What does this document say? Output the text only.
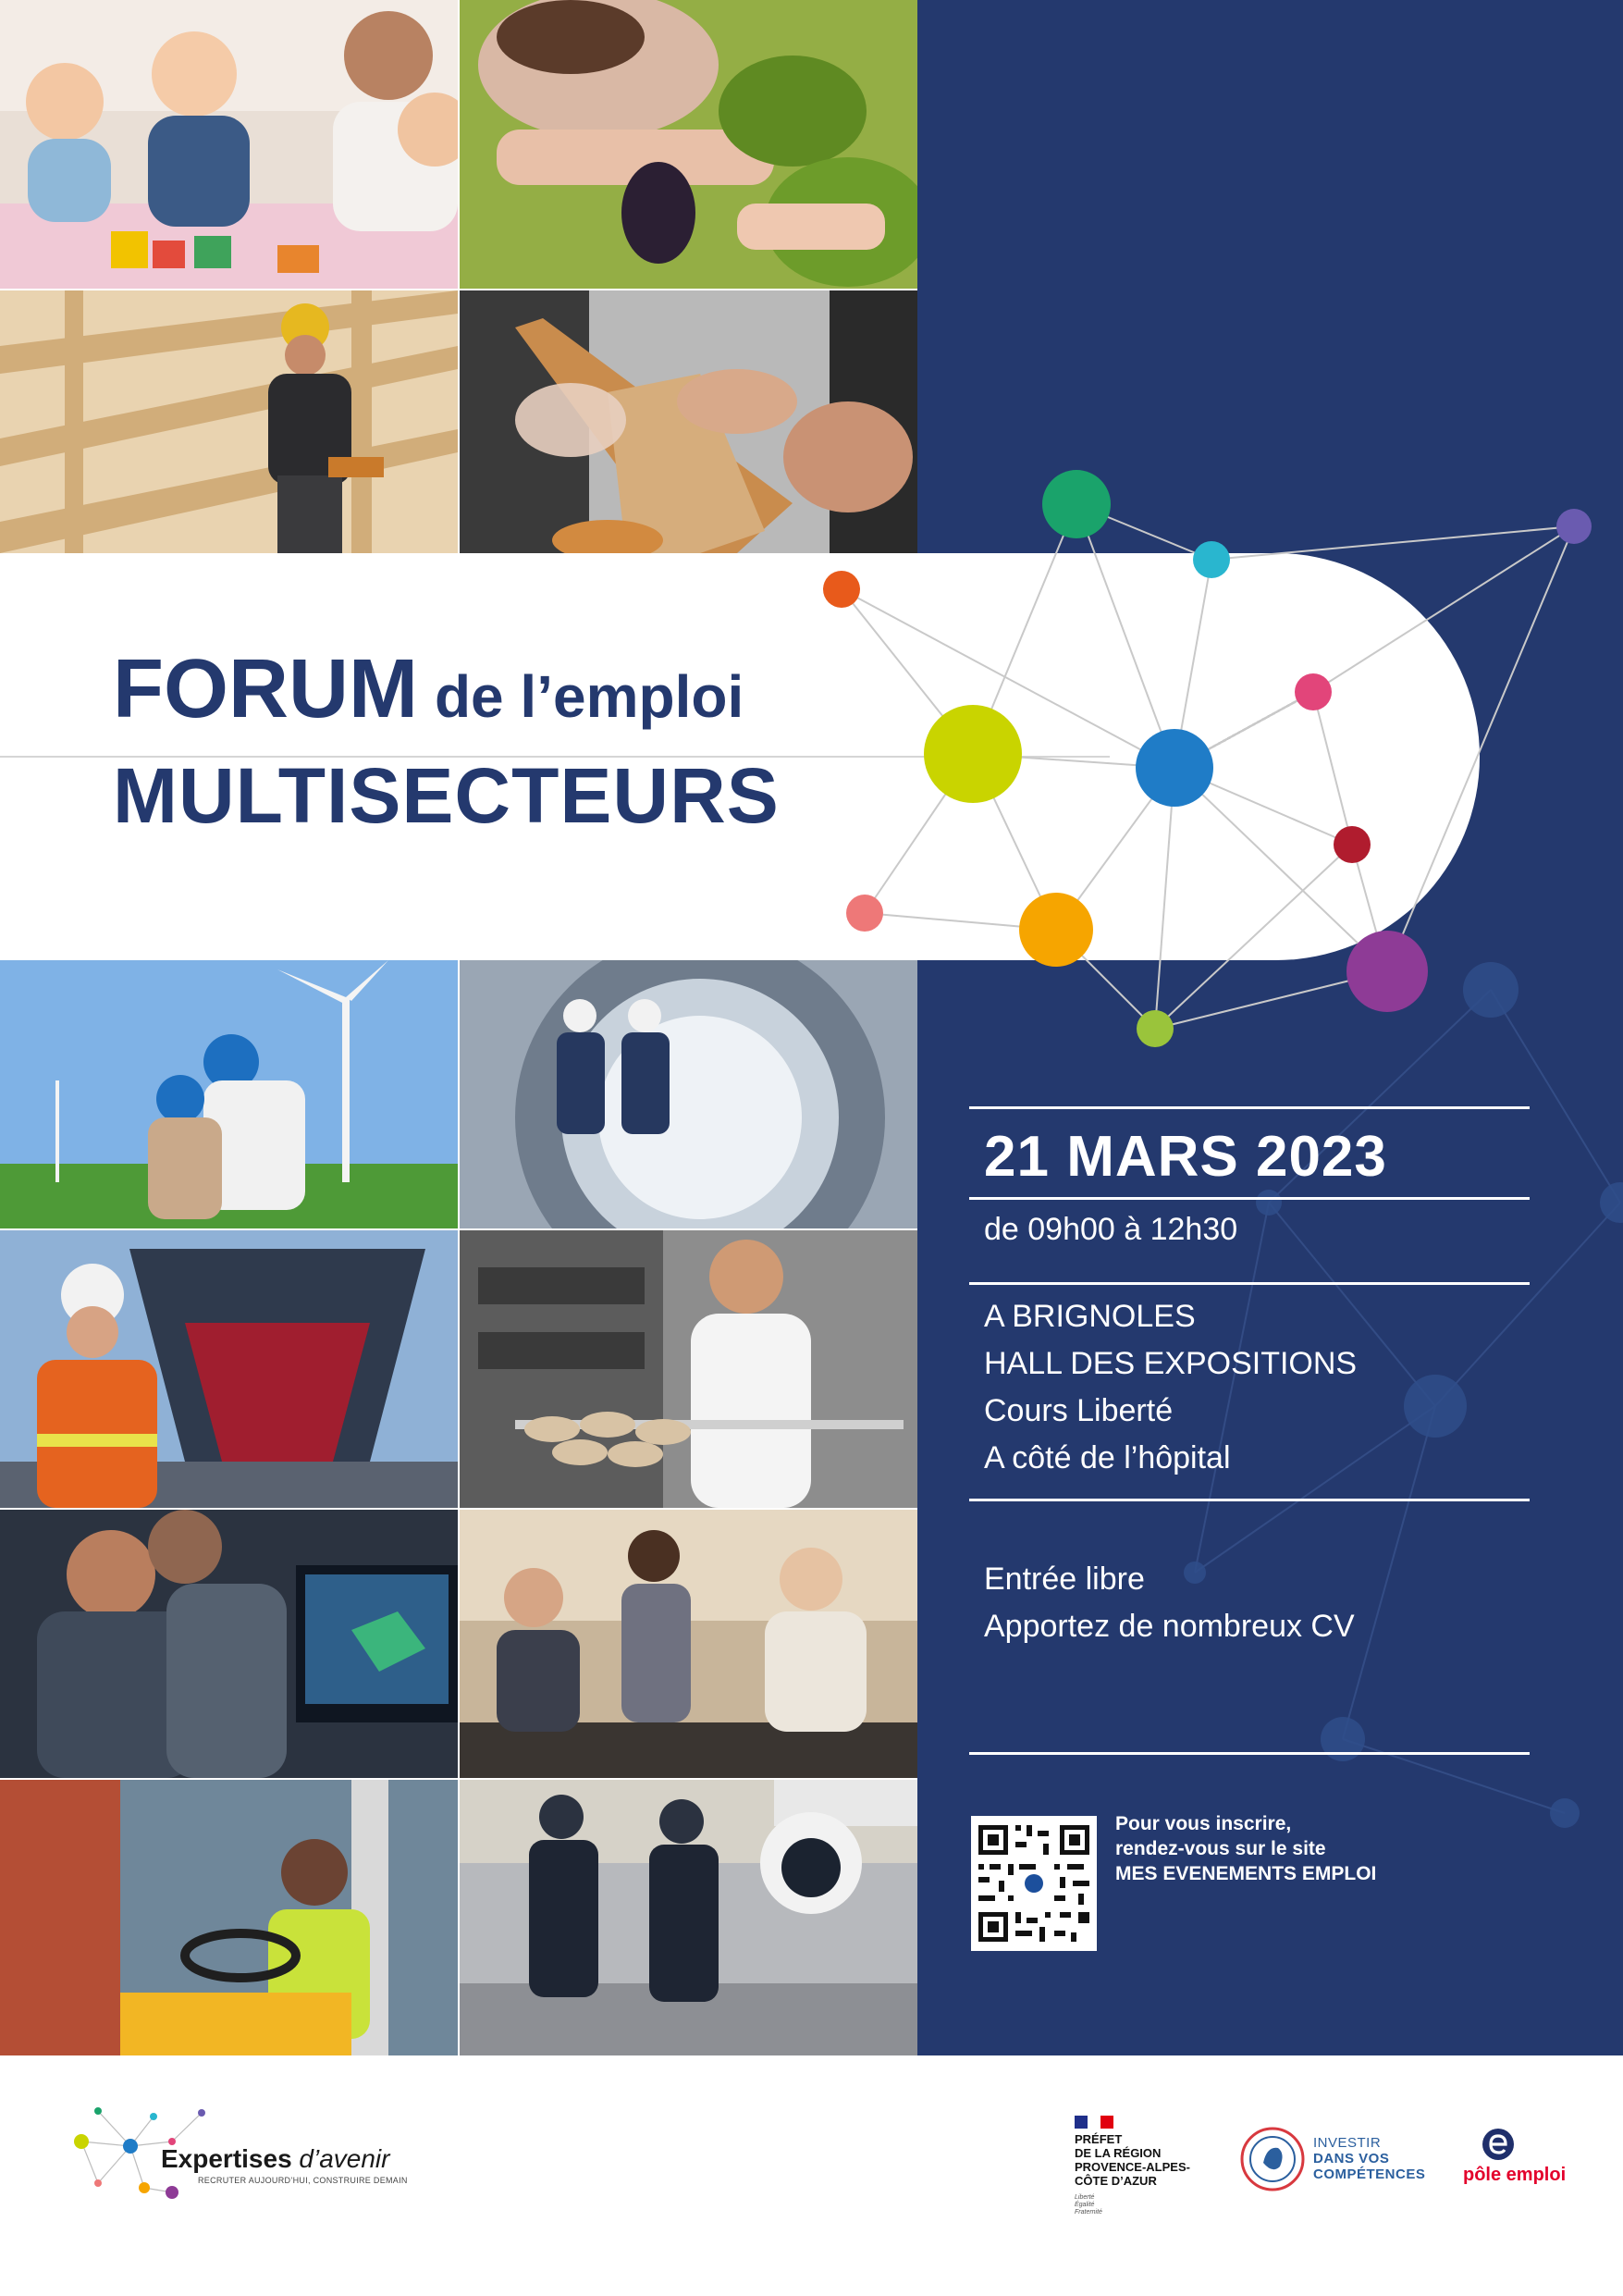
FORUM de l’emploi
MULTISECTEURS
21 MARS 2023
de 09h00 à 12h30
A BRIGNOLES
HALL DES EXPOSITIONS
Cours Liberté
A côté de l’hôpital
Entrée libre
Apportez de nombreux CV
Pour vous inscrire,
rendez-vous sur le site
MES EVENEMENTS EMPLOI
Expertises d’avenir
RECRUTER AUJOURD’HUI, CONSTRUIRE DEMAIN
PRÉFET
DE LA RÉGION
PROVENCE-ALPES-
CÔTE D’AZUR
Liberté
Égalité
Fraternité
INVESTIR
DANS VOS
COMPÉTENCES pôle emploi
